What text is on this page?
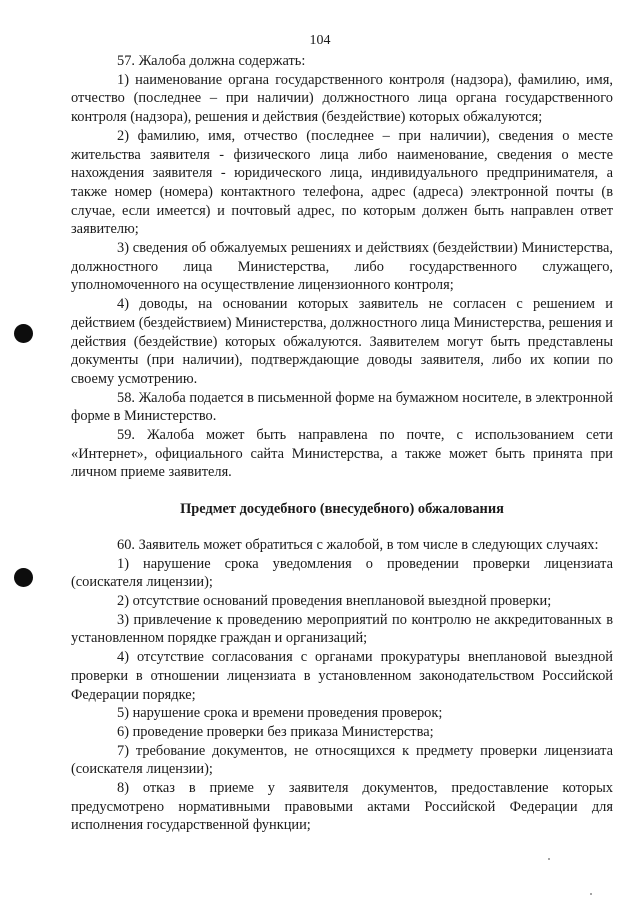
104

57. Жалоба должна содержать:

1) наименование органа государственного контроля (надзора), фамилию, имя, отчество (последнее – при наличии) должностного лица органа государственного контроля (надзора), решения и действия (бездействие) которых обжалуются;

2) фамилию, имя, отчество (последнее – при наличии), сведения о месте жительства заявителя - физического лица либо наименование, сведения о месте нахождения заявителя - юридического лица, индивидуального предпринимателя, а также номер (номера) контактного телефона, адрес (адреса) электронной почты (в случае, если имеется) и почтовый адрес, по которым должен быть направлен ответ заявителю;

3) сведения об обжалуемых решениях и действиях (бездействии) Министерства, должностного лица Министерства, либо государственного служащего, уполномоченного на осуществление лицензионного контроля;

4) доводы, на основании которых заявитель не согласен с решением и действием (бездействием) Министерства, должностного лица Министерства, решения и действия (бездействие) которых обжалуются. Заявителем могут быть представлены документы (при наличии), подтверждающие доводы заявителя, либо их копии по своему усмотрению.

58. Жалоба подается в письменной форме на бумажном носителе, в электронной форме в Министерство.

59. Жалоба может быть направлена по почте, с использованием сети «Интернет», официального сайта Министерства, а также может быть принята при личном приеме заявителя.

Предмет досудебного (внесудебного) обжалования

60. Заявитель может обратиться с жалобой, в том числе в следующих случаях:

1) нарушение срока уведомления о проведении проверки лицензиата (соискателя лицензии);

2) отсутствие оснований проведения внеплановой выездной проверки;

3) привлечение к проведению мероприятий по контролю не аккредитованных в установленном порядке граждан и организаций;

4) отсутствие согласования с органами прокуратуры внеплановой выездной проверки в отношении лицензиата в установленном законодательством Российской Федерации порядке;

5) нарушение срока и времени проведения проверок;

6) проведение проверки без приказа Министерства;

7) требование документов, не относящихся к предмету проверки лицензиата (соискателя лицензии);

8) отказ в приеме у заявителя документов, предоставление которых предусмотрено нормативными правовыми актами Российской Федерации для исполнения государственной функции;
